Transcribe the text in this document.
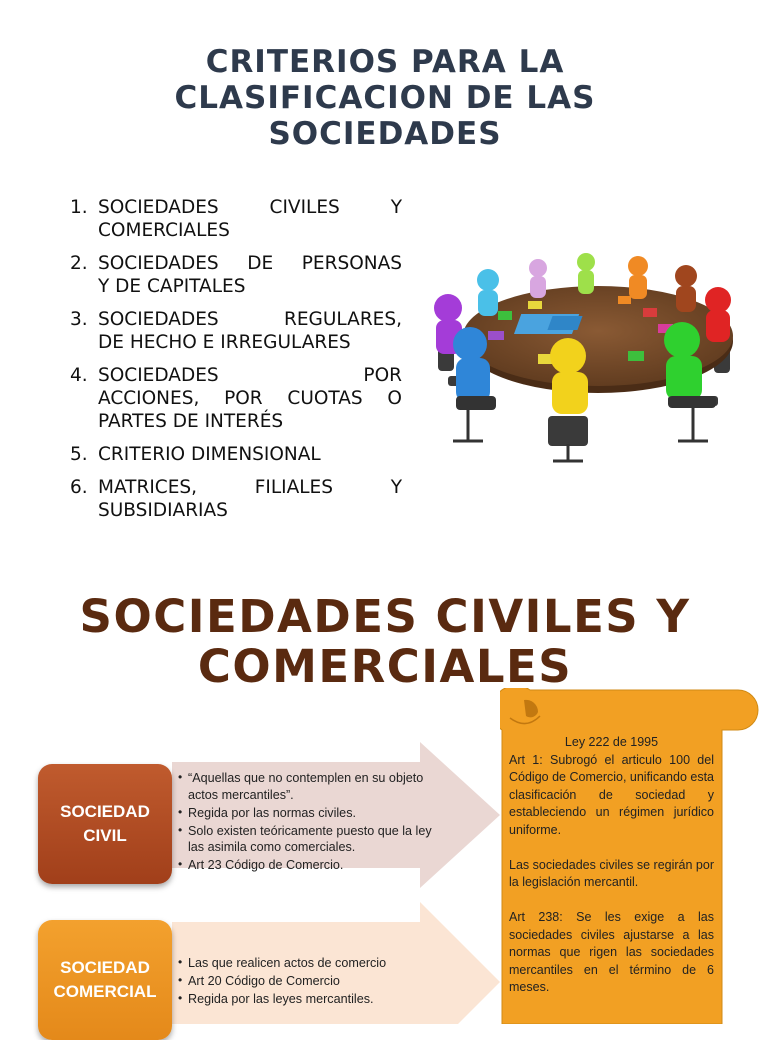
CRITERIOS PARA LA CLASIFICACION DE LAS SOCIEDADES
1. SOCIEDADES CIVILES Y
COMERCIALES
2. SOCIEDADES DE PERSONAS
Y DE CAPITALES
3. SOCIEDADES REGULARES,
DE HECHO E IRREGULARES
4. SOCIEDADES POR
ACCIONES, POR CUOTAS O
PARTES DE INTERÉS
5. CRITERIO DIMENSIONAL
6. MATRICES, FILIALES Y
SUBSIDIARIAS
SOCIEDADES CIVILES Y COMERCIALES
SOCIEDAD
CIVIL
• “Aquellas que no contemplen en su objeto actos mercantiles”.
• Regida por las normas civiles.
• Solo existen teóricamente puesto que la ley las asimila como comerciales.
• Art 23 Código de Comercio.
SOCIEDAD
COMERCIAL
• Las que realicen actos de comercio
• Art 20 Código de Comercio
• Regida por las leyes mercantiles.

Ley 222 de 1995

Art 1: Subrogó el articulo 100 del Código de Comercio, unificando esta clasificación de sociedad y estableciendo un régimen jurídico uniforme.

Las sociedades civiles se regirán por la legislación mercantil.

Art 238: Se les exige a las sociedades civiles ajustarse a las normas que rigen las sociedades mercantiles en el término de 6 meses.
